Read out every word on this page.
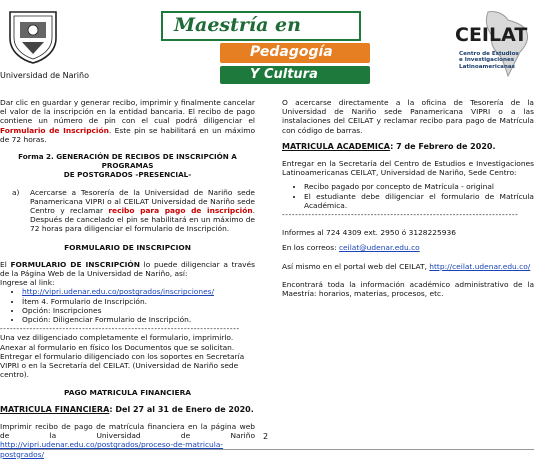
Universidad de Nariño
Maestría en
Pedagogía
Y Cultura
CEILAT
Centro de Estudios
e Investigaciones
Latinoamericanas

Dar clic en guardar y generar recibo, imprimir y finalmente cancelar el valor de la inscripción en la entidad bancaria. El recibo de pago contiene un número de pin con el cual podrá diligenciar el Formulario de Inscripción. Este pin se habilitará en un máximo de 72 horas.

Forma 2. GENERACIÓN DE RECIBOS DE INSCRIPCIÓN A PROGRAMAS
DE POSTGRADOS -PRESENCIAL-

a)	Acercarse a Tesorería de la Universidad de Nariño sede Panamericana VIPRI o al CEILAT Universidad de Nariño sede Centro y reclamar recibo para pago de inscripción. Después de cancelado el pin se habilitará en un máximo de 72 horas para diligenciar el formulario de Inscripción.

FORMULARIO DE INSCRIPCION

El FORMULARIO DE INSCRIPCIÓN lo puede diligenciar a través de la Página Web de la Universidad de Nariño, así:

Ingrese al link:

• http://vipri.udenar.edu.co/postgrados/inscripciones/
• Ítem 4. Formulario de Inscripción.
• Opción: Inscripciones
• Opción: Diligenciar Formulario de Inscripción.
-------------------------------------------------------------------------

Una vez diligenciado completamente el formulario, imprimirlo.

Anexar al formulario en físico los Documentos que se solicitan.

Entregar el formulario diligenciado con los soportes en Secretaría VIPRI o en la Secretaría del CEILAT. (Universidad de Nariño sede centro).

PAGO MATRICULA FINANCIERA

MATRICULA FINANCIERA: Del 27 al 31 de Enero de 2020.

Imprimir recibo de pago de matrícula financiera en la página web de la Universidad de Nariño http://vipri.udenar.edu.co/postgrados/proceso-de-matricula-postgrados/

O acercarse directamente a la oficina de Tesorería de la Universidad de Nariño sede Panamericana VIPRI o a las instalaciones del CEILAT y reclamar recibo para pago de Matrícula con código de barras.

MATRICULA ACADEMICA: 7 de Febrero de 2020.

Entregar en la Secretaría del Centro de Estudios e Investigaciones Latinoamericanas CEILAT, Universidad de Nariño, Sede Centro:

• Recibo pagado por concepto de Matrícula - original
• El estudiante debe diligenciar el formulario de Matrícula Académica.
------------------------------------------------------------------------

Informes al 724 4309 ext. 2950 ó 3128225936

En los correos: ceilat@udenar.edu.co

Así mismo en el portal web del CEILAT, http://ceilat.udenar.edu.co/

Encontrará toda la información académico administrativo de la Maestría: horarios, materias, procesos, etc.

2
